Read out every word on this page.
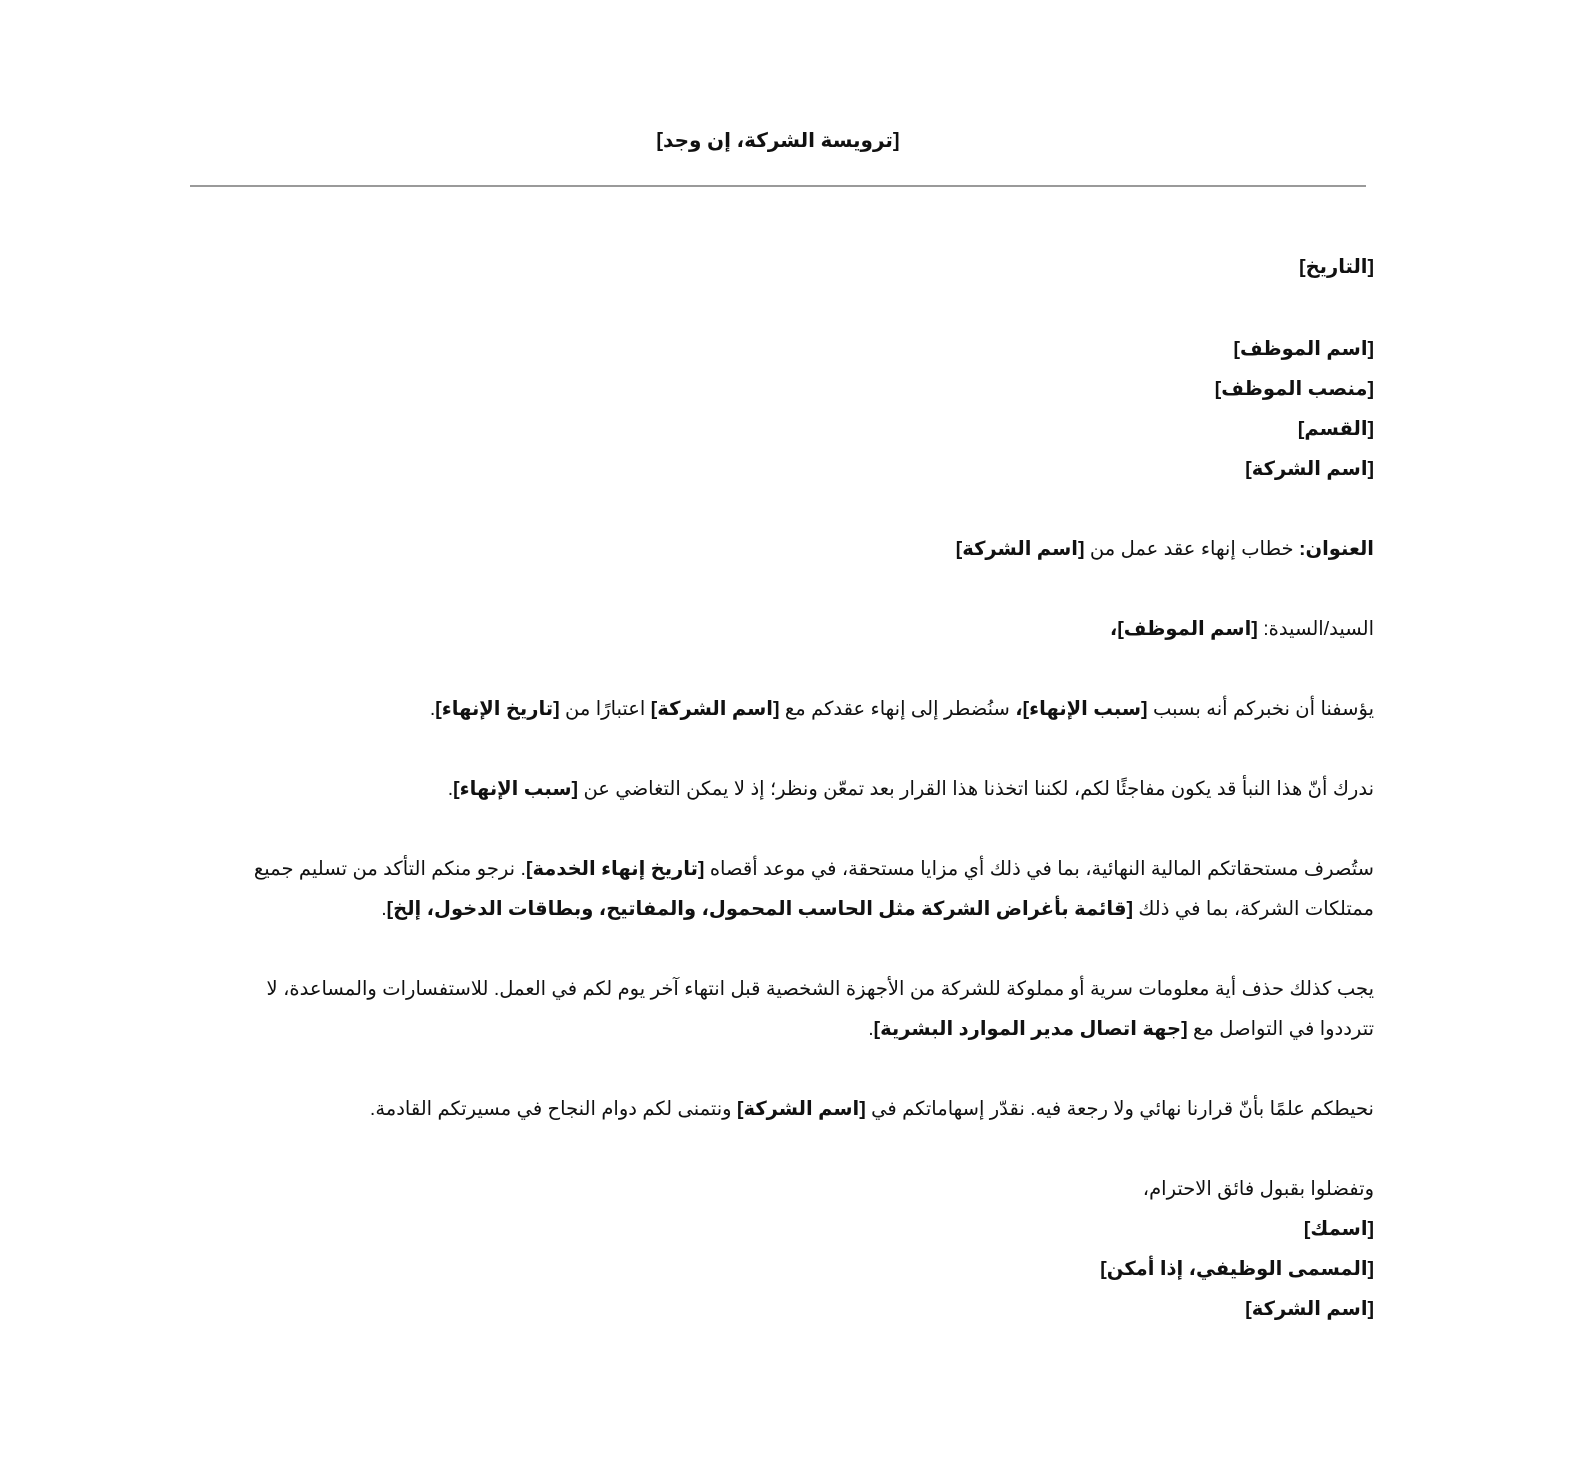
[ترويسة الشركة، إن وجد]
[التاريخ]
[اسم الموظف]
[منصب الموظف]
[القسم]
[اسم الشركة]
العنوان: خطاب إنهاء عقد عمل من [اسم الشركة]
السيد/السيدة: [اسم الموظف]،
يؤسفنا أن نخبركم أنه بسبب [سبب الإنهاء]، سنُضطر إلى إنهاء عقدكم مع [اسم الشركة] اعتبارًا من [تاريخ الإنهاء].
ندرك أنّ هذا النبأ قد يكون مفاجئًا لكم، لكننا اتخذنا هذا القرار بعد تمعّن ونظر؛ إذ لا يمكن التغاضي عن [سبب الإنهاء].
ستُصرف مستحقاتكم المالية النهائية، بما في ذلك أي مزايا مستحقة، في موعد أقصاه [تاريخ إنهاء الخدمة]. نرجو منكم التأكد من تسليم جميع ممتلكات الشركة، بما في ذلك [قائمة بأغراض الشركة مثل الحاسب المحمول، والمفاتيح، وبطاقات الدخول، إلخ].
يجب كذلك حذف أية معلومات سرية أو مملوكة للشركة من الأجهزة الشخصية قبل انتهاء آخر يوم لكم في العمل. للاستفسارات والمساعدة، لا تترددوا في التواصل مع [جهة اتصال مدير الموارد البشرية].
نحيطكم علمًا بأنّ قرارنا نهائي ولا رجعة فيه. نقدّر إسهاماتكم في [اسم الشركة] ونتمنى لكم دوام النجاح في مسيرتكم القادمة.
وتفضلوا بقبول فائق الاحترام،
[اسمك]
[المسمى الوظيفي، إذا أمكن]
[اسم الشركة]
